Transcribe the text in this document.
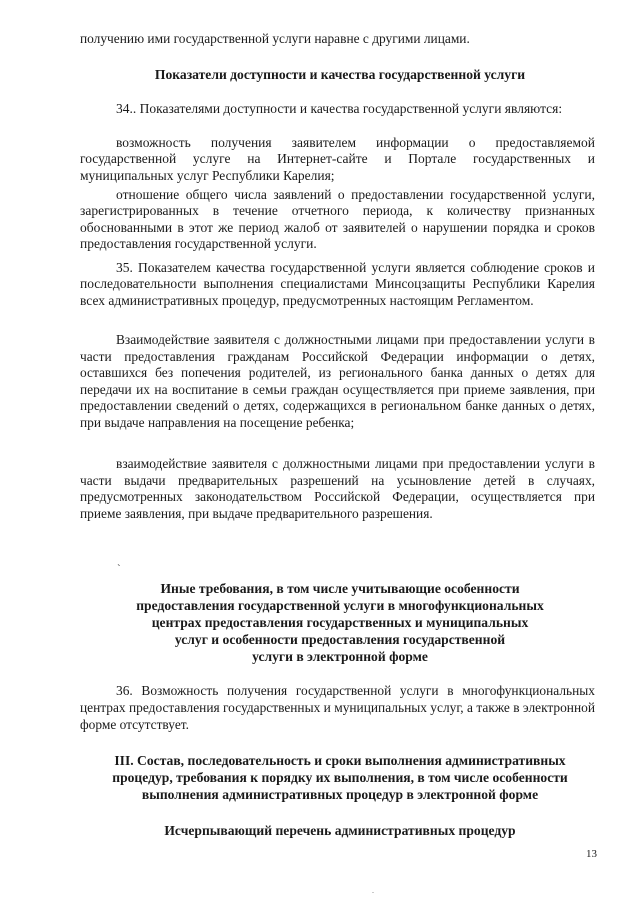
получению ими государственной услуги наравне с другими лицами.

Показатели доступности и качества государственной услуги

34.. Показателями доступности и качества государственной услуги являются:

возможность получения заявителем информации о предоставляемой государственной услуге на Интернет-сайте и Портале государственных и муниципальных услуг Республики Карелия;

отношение общего числа заявлений о предоставлении государственной услуги, зарегистрированных в течение отчетного периода, к количеству признанных обоснованными в этот же период жалоб от заявителей о нарушении порядка и сроков предоставления государственной услуги.

35. Показателем качества государственной услуги является соблюдение сроков и последовательности выполнения специалистами Минсоцзащиты Республики Карелия всех административных процедур, предусмотренных настоящим Регламентом.

Взаимодействие заявителя с должностными лицами при предоставлении услуги в части предоставления гражданам Российской Федерации информации о детях, оставшихся без попечения родителей, из регионального банка данных о детях для передачи их на воспитание в семьи граждан осуществляется при приеме заявления, при предоставлении сведений о детях, содержащихся в региональном банке данных о детях, при выдаче направления на посещение ребенка;

взаимодействие заявителя с должностными лицами при предоставлении услуги в части выдачи предварительных разрешений на усыновление детей в случаях, предусмотренных законодательством Российской Федерации, осуществляется при приеме заявления, при выдаче предварительного разрешения.

`
Иные требования, в том числе учитывающие особенности
предоставления государственной услуги в многофункциональных
центрах предоставления государственных и муниципальных
услуг и особенности предоставления государственной
услуги в электронной форме

36. Возможность получения государственной услуги в многофункциональных центрах предоставления государственных и муниципальных услуг, а также в электронной форме отсутствует.

III. Состав, последовательность и сроки выполнения административных
процедур, требования к порядку их выполнения, в том числе особенности
выполнения административных процедур в электронной форме

Исчерпывающий перечень административных процедур

13
.
